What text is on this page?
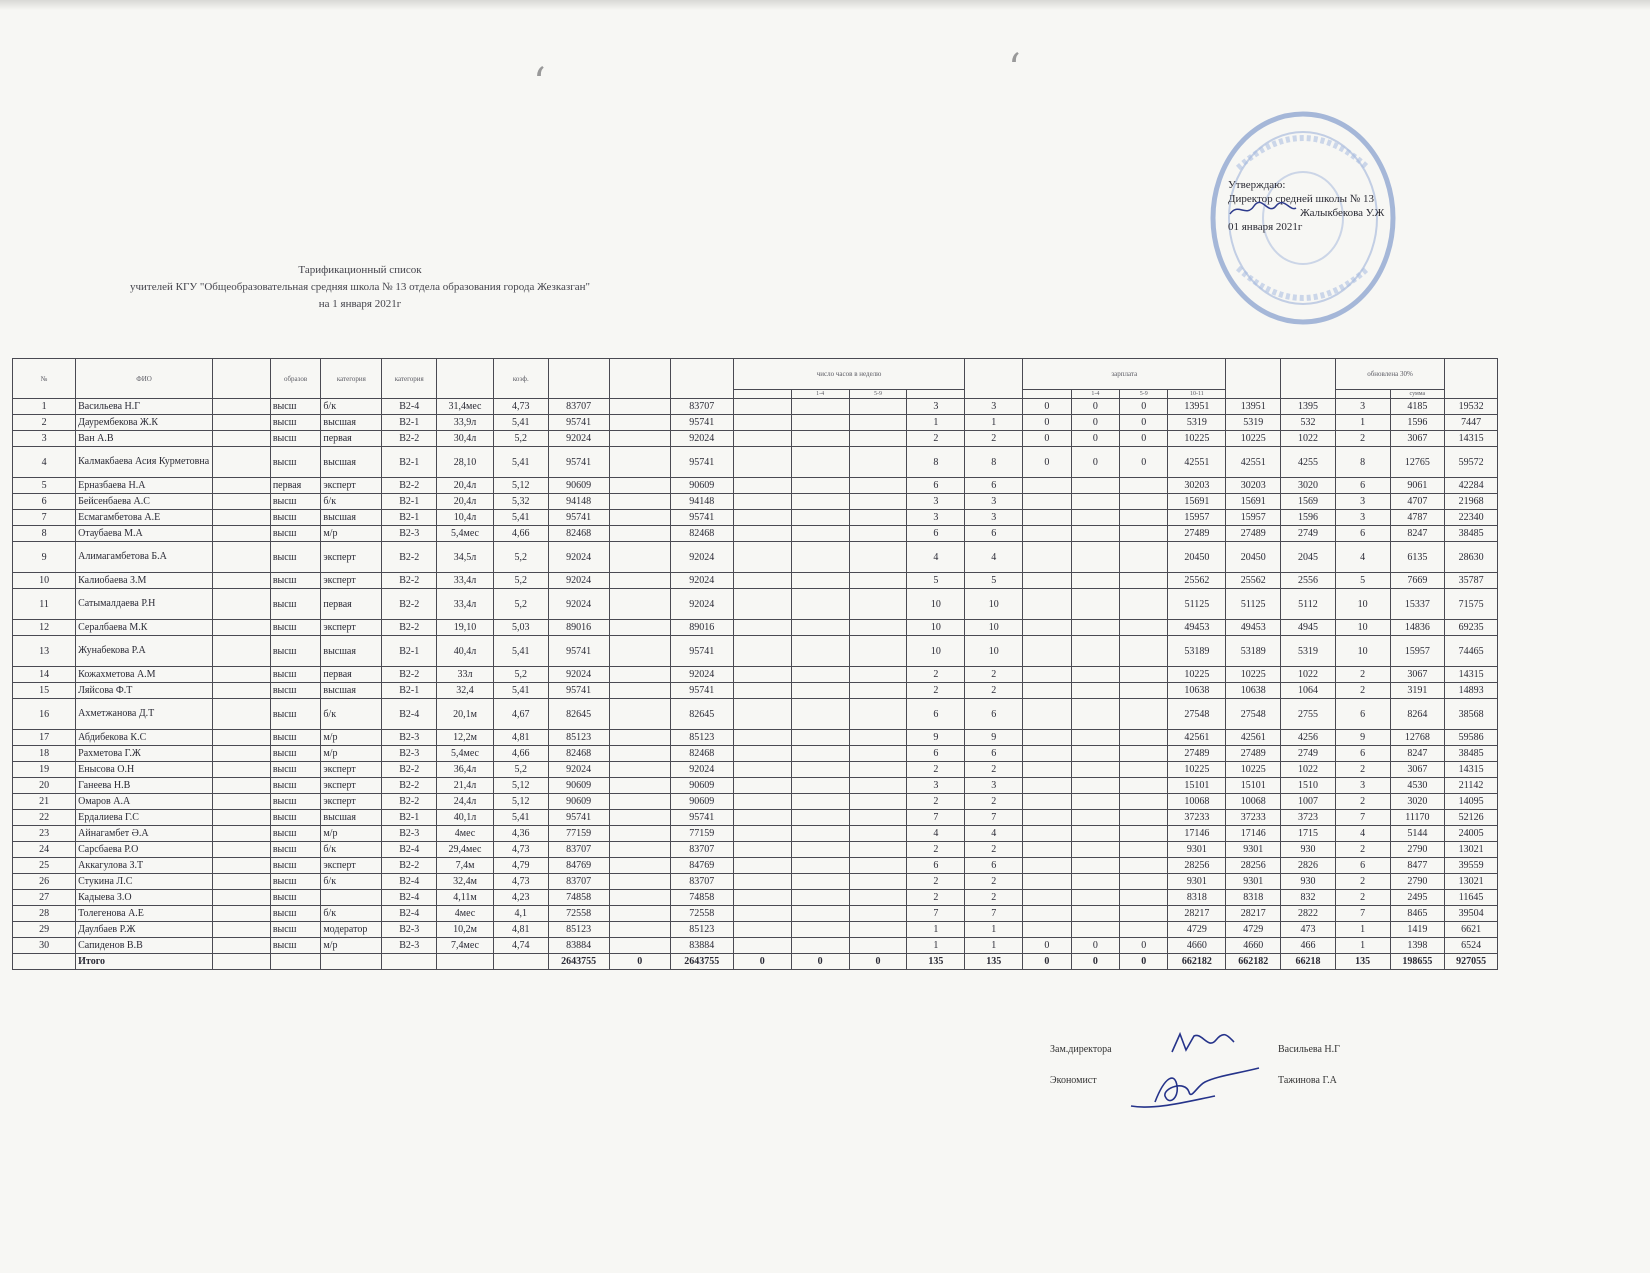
ʻ	ʻ
Утверждаю:
Директор средней школы № 13
Жалыкбекова У.Ж
01 января 2021г
Тарификационный список
учителей КГУ "Общеобразовательная средняя школа № 13 отдела образования города Жезказган"
на 1 января 2021г
№	ФИО		образов	категория	категория		коэф.				число часов в неделю					зарплата						обновлена 30%		
												1-4	5-9				1-4	5-9	10-11				сумма	
1	Васильева Н.Г		высш	б/к	В2-4	31,4мес	4,73	83707		83707				3	3	0	0	0	13951	13951	1395	3	4185	19532
2	Даурембекова Ж.К		высш	высшая	В2-1	33,9л	5,41	95741		95741				1	1	0	0	0	5319	5319	532	1	1596	7447
3	Ван А.В		высш	первая	В2-2	30,4л	5,2	92024		92024				2	2	0	0	0	10225	10225	1022	2	3067	14315
4	Калмакбаева Асия Курметовна		высш	высшая	В2-1	28,10	5,41	95741		95741				8	8	0	0	0	42551	42551	4255	8	12765	59572
5	Ерназбаева Н.А		первая	эксперт	В2-2	20,4л	5,12	90609		90609				6	6				30203	30203	3020	6	9061	42284
6	Бейсенбаева А.С		высш	б/к	В2-1	20,4л	5,32	94148		94148				3	3				15691	15691	1569	3	4707	21968
7	Есмагамбетова А.Е		высш	высшая	В2-1	10,4л	5,41	95741		95741				3	3				15957	15957	1596	3	4787	22340
8	Отаубаева М.А		высш	м/р	В2-3	5,4мес	4,66	82468		82468				6	6				27489	27489	2749	6	8247	38485
9	Алимагамбетова Б.А		высш	эксперт	В2-2	34,5л	5,2	92024		92024				4	4				20450	20450	2045	4	6135	28630
10	Калиобаева З.М		высш	эксперт	В2-2	33,4л	5,2	92024		92024				5	5				25562	25562	2556	5	7669	35787
11	Сатымалдаева Р.Н		высш	первая	В2-2	33,4л	5,2	92024		92024				10	10				51125	51125	5112	10	15337	71575
12	Сералбаева М.К		высш	эксперт	В2-2	19,10	5,03	89016		89016				10	10				49453	49453	4945	10	14836	69235
13	Жунабекова Р.А		высш	высшая	В2-1	40,4л	5,41	95741		95741				10	10				53189	53189	5319	10	15957	74465
14	Кожахметова А.М		высш	первая	В2-2	33л	5,2	92024		92024				2	2				10225	10225	1022	2	3067	14315
15	Ляйсова Ф.Т		высш	высшая	В2-1	32,4	5,41	95741		95741				2	2				10638	10638	1064	2	3191	14893
16	Ахметжанова Д.Т		высш	б/к	В2-4	20,1м	4,67	82645		82645				6	6				27548	27548	2755	6	8264	38568
17	Абдибекова К.С		высш	м/р	В2-3	12,2м	4,81	85123		85123				9	9				42561	42561	4256	9	12768	59586
18	Рахметова Г.Ж		высш	м/р	В2-3	5,4мес	4,66	82468		82468				6	6				27489	27489	2749	6	8247	38485
19	Енысова О.Н		высш	эксперт	В2-2	36,4л	5,2	92024		92024				2	2				10225	10225	1022	2	3067	14315
20	Ганеева Н.В		высш	эксперт	В2-2	21,4л	5,12	90609		90609				3	3				15101	15101	1510	3	4530	21142
21	Омаров А.А		высш	эксперт	В2-2	24,4л	5,12	90609		90609				2	2				10068	10068	1007	2	3020	14095
22	Ердалиева Г.С		высш	высшая	В2-1	40,1л	5,41	95741		95741				7	7				37233	37233	3723	7	11170	52126
23	Айнагамбет Ә.А		высш	м/р	В2-3	4мес	4,36	77159		77159				4	4				17146	17146	1715	4	5144	24005
24	Сарсбаева Р.О		высш	б/к	В2-4	29,4мес	4,73	83707		83707				2	2				9301	9301	930	2	2790	13021
25	Аккагулова З.Т		высш	эксперт	В2-2	7,4м	4,79	84769		84769				6	6				28256	28256	2826	6	8477	39559
26	Стукина Л.С		высш	б/к	В2-4	32,4м	4,73	83707		83707				2	2				9301	9301	930	2	2790	13021
27	Кадыева З.О		высш		В2-4	4,11м	4,23	74858		74858				2	2				8318	8318	832	2	2495	11645
28	Толегенова А.Е		высш	б/к	В2-4	4мес	4,1	72558		72558				7	7				28217	28217	2822	7	8465	39504
29	Даулбаев Р.Ж		высш	модератор	В2-3	10,2м	4,81	85123		85123				1	1				4729	4729	473	1	1419	6621
30	Сапиденов В.В		высш	м/р	В2-3	7,4мес	4,74	83884		83884				1	1	0	0	0	4660	4660	466	1	1398	6524
	Итого							2643755	0	2643755	0	0	0	135	135	0	0	0	662182	662182	66218	135	198655	927055
Зам.директора	Васильева Н.Г
Экономист	Тажинова Г.А
